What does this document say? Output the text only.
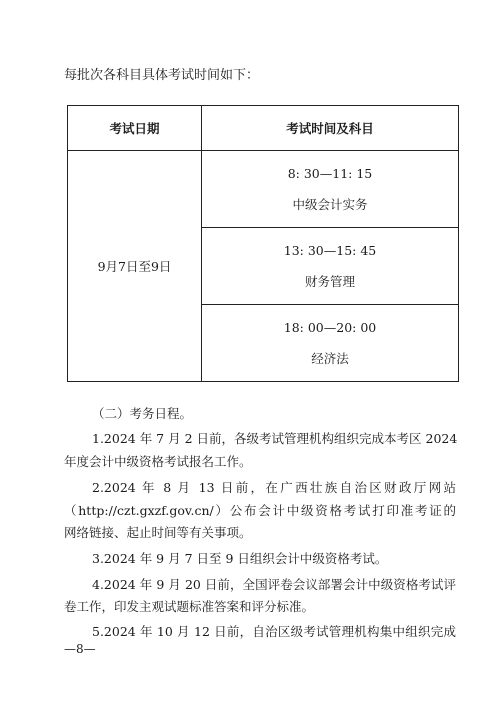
每批次各科目具体考试时间如下：
考试日期	考试时间及科目
9月7日至9日	8: 30—11: 15
中级会计实务

	13: 30—15: 45
财务管理

	18: 00—20: 00
经济法
（二）考务日程。
1.2024 年 7 月 2 日前，各级考试管理机构组织完成本考区 2024
年度会计中级资格考试报名工作。
2.2024 年 8 月 13 日前，在广西壮族自治区财政厅网站
（http://czt.gxzf.gov.cn/）公布会计中级资格考试打印准考证的
网络链接、起止时间等有关事项。
3.2024 年 9 月 7 日至 9 日组织会计中级资格考试。
4.2024 年 9 月 20 日前，全国评卷会议部署会计中级资格考试评
卷工作，印发主观试题标准答案和评分标准。
5.2024 年 10 月 12 日前，自治区级考试管理机构集中组织完成
—8—
